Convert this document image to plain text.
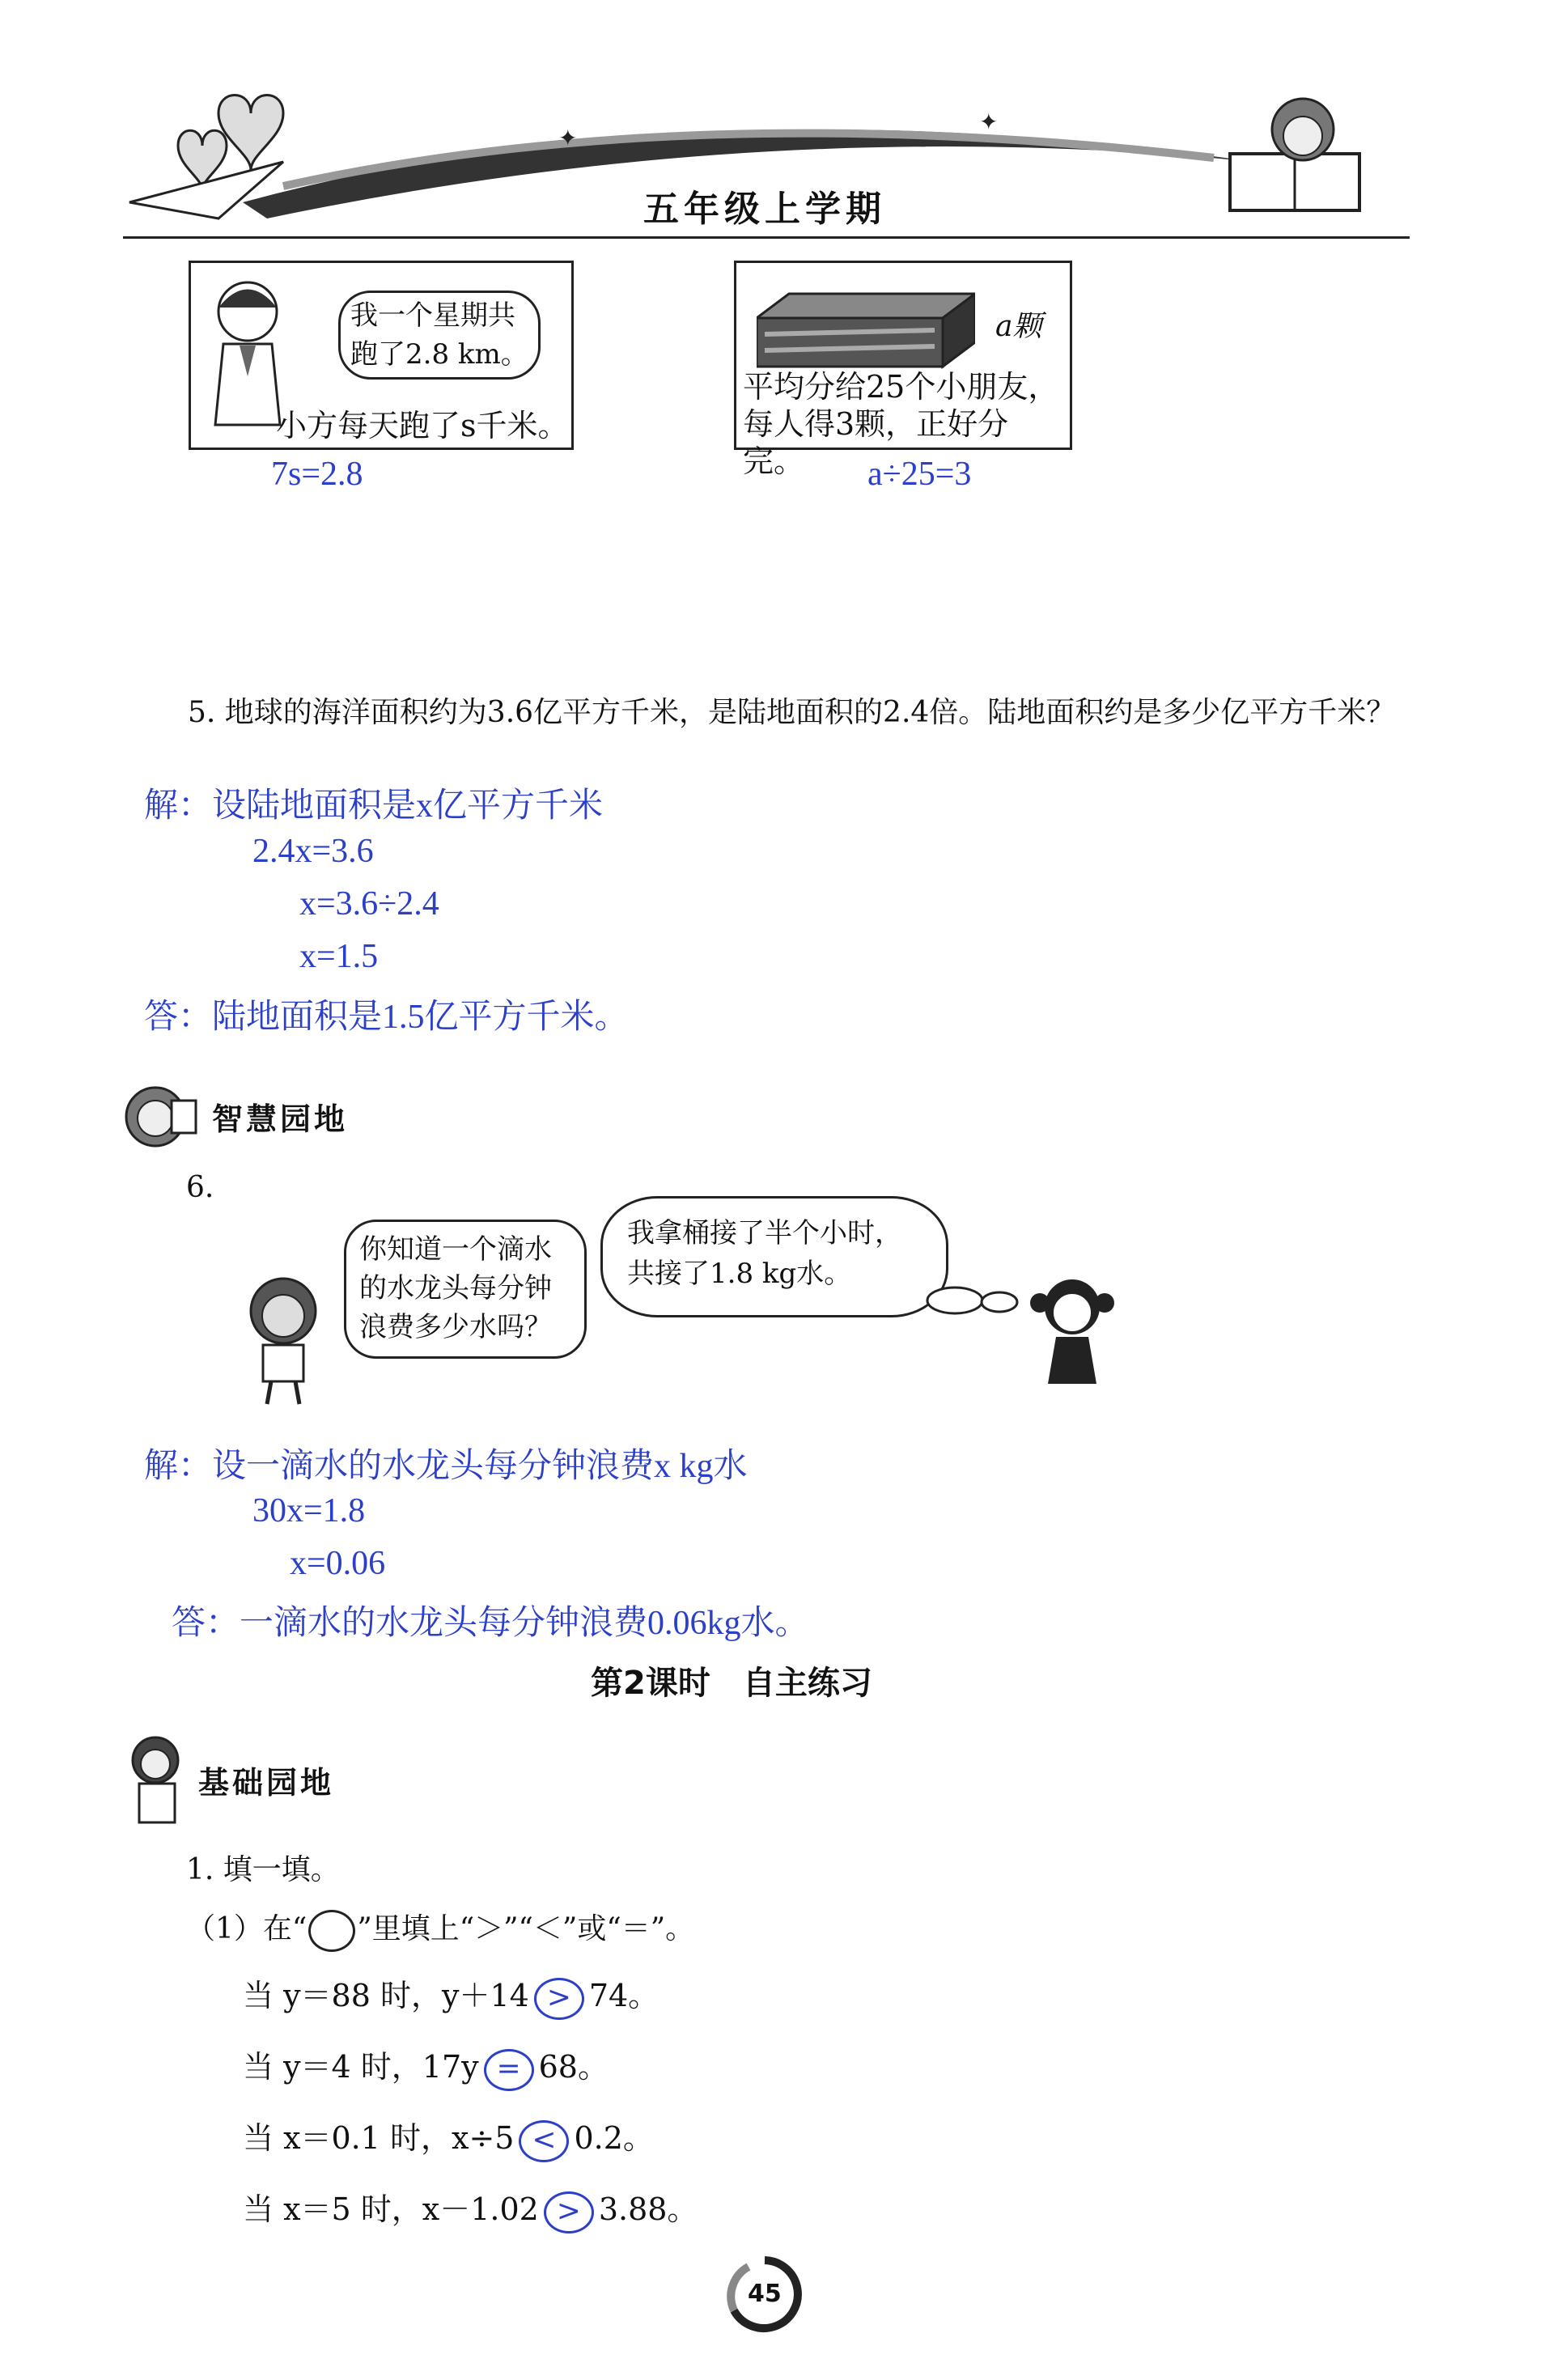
✦
✦
五年级上学期
我一个星期共跑了2.8 km。
小方每天跑了s千米。
7s=2.8
a颗
平均分给25个小朋友，每人得3颗，正好分完。	a÷25=3
5. 地球的海洋面积约为3.6亿平方千米，是陆地面积的2.4倍。陆地面积约是多少亿平方千米？
解：设陆地面积是x亿平方千米
2.4x=3.6
x=3.6÷2.4
x=1.5
答：陆地面积是1.5亿平方千米。
智慧园地
6.
你知道一个滴水的水龙头每分钟浪费多少水吗？
我拿桶接了半个小时，共接了1.8 kg水。
解：设一滴水的水龙头每分钟浪费x kg水
30x=1.8
x=0.06
答：一滴水的水龙头每分钟浪费0.06kg水。
第2课时　自主练习
基础园地
1. 填一填。
（1）在“ ”里填上“＞”“＜”或“＝”。
当 y＝88 时，y＋14 > 74。
当 y＝4 时，17y = 68。
当 x＝0.1 时，x÷5 < 0.2。
当 x＝5 时，x－1.02 > 3.88。
45
